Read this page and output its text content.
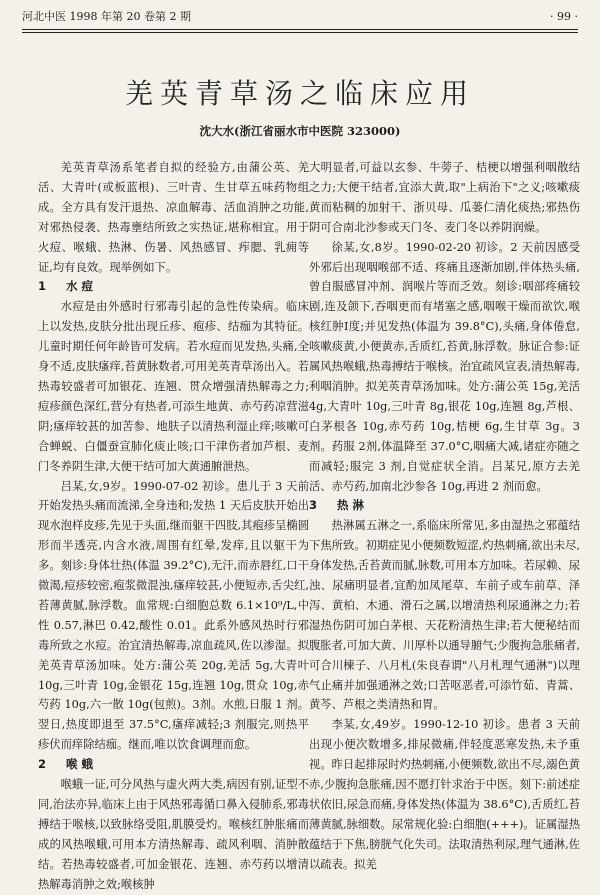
河北中医 1998 年第 20 卷第 2 期	· 99 ·
羌英青草汤之临床应用
沈大水(浙江省丽水市中医院 323000)

羌英青草汤系笔者自拟的经验方,由蒲公英、羌活、大青叶(或板蓝根)、三叶青、生甘草五味药物组成。全方具有发汗退热、凉血解毒、活血消肿之功能,对邪热侵袭、热毒壅结所致之实热证,堪称相宜。用于火痘、喉蛾、热淋、伤暑、风热感冒、痄腮、乳痈等证,均有良效。现举例如下。

1 水 痘

水痘是由外感时行邪毒引起的急性传染病。临床上以发热,皮肤分批出现丘疹、疱疹、结痂为其特征。儿童时期任何年龄皆可发病。若水痘而见发热,头痛,全身不适,皮肤瘙痒,苔黄脉数者,可用羌英青草汤出入。若热毒较盛者可加银花、连翘、贯众增强清热解毒之力;痘疹颜色深红,营分有热者,可添生地黄、赤芍药凉营滋阴;瘙痒较甚的加苦参、地肤子以清热利湿止痒;咳嗽可合蝉蜕、白僵蚕宣肺化痰止咳;口干津伤者加芦根、麦门冬养阴生津,大便干结可加大黄通腑泄热。

吕某,女,9岁。1990-07-02 初诊。患儿于 3 天前开始发热头痛而流涕,全身违和;发热 1 天后皮肤开始出现水泡样皮疹,先见于头面,继而躯干四肢,其疱疹呈椭圆形而半透亮,内含水液,周围有红晕,发痒,且以躯干为多。刻诊:身体壮热(体温 39.2°C),无汗,而赤唇红,口干微渴,痘疹较密,疱浆微混浊,瘙痒较甚,小便短赤,舌尖红,苔薄黄腻,脉浮数。血常规:白细胞总数 6.1×10⁹/L,中性 0.57,淋巴 0.42,酸性 0.01。此系外感风热时行邪毒所致之水痘。治宜清热解毒,凉血疏风,佐以渗湿。拟羌英青草汤加味。处方:蒲公英 20g,羌活 5g,大青叶 10g,三叶青 10g,金银花 15g,连翘 10g,贯众 10g,赤芍药 10g,六一散 10g(包煎)。3剂。水煎,日服 1 剂。翌日,热度即退至 37.5°C,瘙痒减轻;3 剂服完,则热平疹伏而痒除结痂。继而,唯以饮食调理而愈。

2 喉 蛾

喉蛾一证,可分风热与虚火两大类,病因有别,证型不同,治法亦异,临床上由于风热邪毒循口鼻入侵肺系,邪毒搏结于喉核,以致脉络受阻,肌膜受灼。喉核红肿胀痛而成的风热喉蛾,可用本方清热解毒、疏风利咽、消肿散结。若热毒较盛者,可加金银花、连翘、赤芍药以增清热解毒消肿之效;喉核肿

大明显者,可益以玄参、牛蒡子、桔梗以增强利咽散结之力;大便干结者,宜添大黄,取"上病治下"之义;咳嗽痰黄而粘稠的加射干、浙贝母、瓜蒌仁清化痰热;邪热伤阴可合南北沙参或天门冬、麦门冬以养阴润燥。

徐某,女,8岁。1990-02-20 初诊。2 天前因感受外邪后出现咽喉部不适、疼痛且逐渐加剧,伴体热头痛,曾自服感冒冲剂、润喉片等而乏效。刻诊:咽部疼痛较剧,连及颌下,吞咽更而有堵塞之感,咽喉干燥而欲饮,喉核红肿Ⅰ度;并见发热(体温为 39.8°C),头痛,身体倦怠,咳嗽痰黄,小便黄赤,舌质红,苔黄,脉浮数。脉证合参:证属风热喉蛾,热毒搏结于喉核。治宜疏风宣表,清热解毒,利咽消肿。拟羌英青草汤加味。处方:蒲公英 15g,羌活 4g,大青叶 10g,三叶青 8g,银花 10g,连翘 8g,芦根、白茅根各 10g,赤芍药 10g,桔梗 6g,生甘草 3g。3 剂。药服 2剂,体温降至 37.0°C,咽痛大减,诸症亦随之而减轻;服完 3 剂,自觉症状全消。吕某兄,原方去羌活、赤芍药,加南北沙参各 10g,再进 2 剂而愈。

3 热 淋

热淋属五淋之一,系临床所常见,多由湿热之邪蕴结下焦所致。初期症见小便频数短涩,灼热刺痛,欲出未尽,身体发热,舌苔黄而腻,脉数,可用本方加味。若尿赖、尿浊、尿痛明显者,宜酌加凤尾草、车前子或车前草、泽泻、黄柏、木通、滑石之属,以增清热利尿通淋之力;若湿热伤阴可加白茅根、天花粉清热生津;若大便秘结而腹胀者,可加大黄、川厚朴以通导腑气;少腹拘急胀痛者,可合川楝子、八月札(朱良春谓"八月札理气通淋")以理气止痛并加强通淋之效;口苦呕恶者,可添竹茹、青蒿、黄芩、芦根之类清热和胃。

李某,女,49岁。1990-12-10 初诊。患者 3 天前出现小便次数增多,排尿微痛,伴轻度恶寒发热,未予重视。昨日起排尿时灼热刺痛,小便频数,欲出不尽,溺色黄赤,少腹拘急胀痛,因不愿打针求治于中医。刻下:前述症状依旧,尿急而痛,身体发热(体温为 38.6°C),舌质红,苔薄黄腻,脉细数。尿常规化验:白细胞(+++)。证属湿热蕴结于下焦,膀胱气化失司。法取清热利尿,理气通淋,佐以疏表。拟羌
